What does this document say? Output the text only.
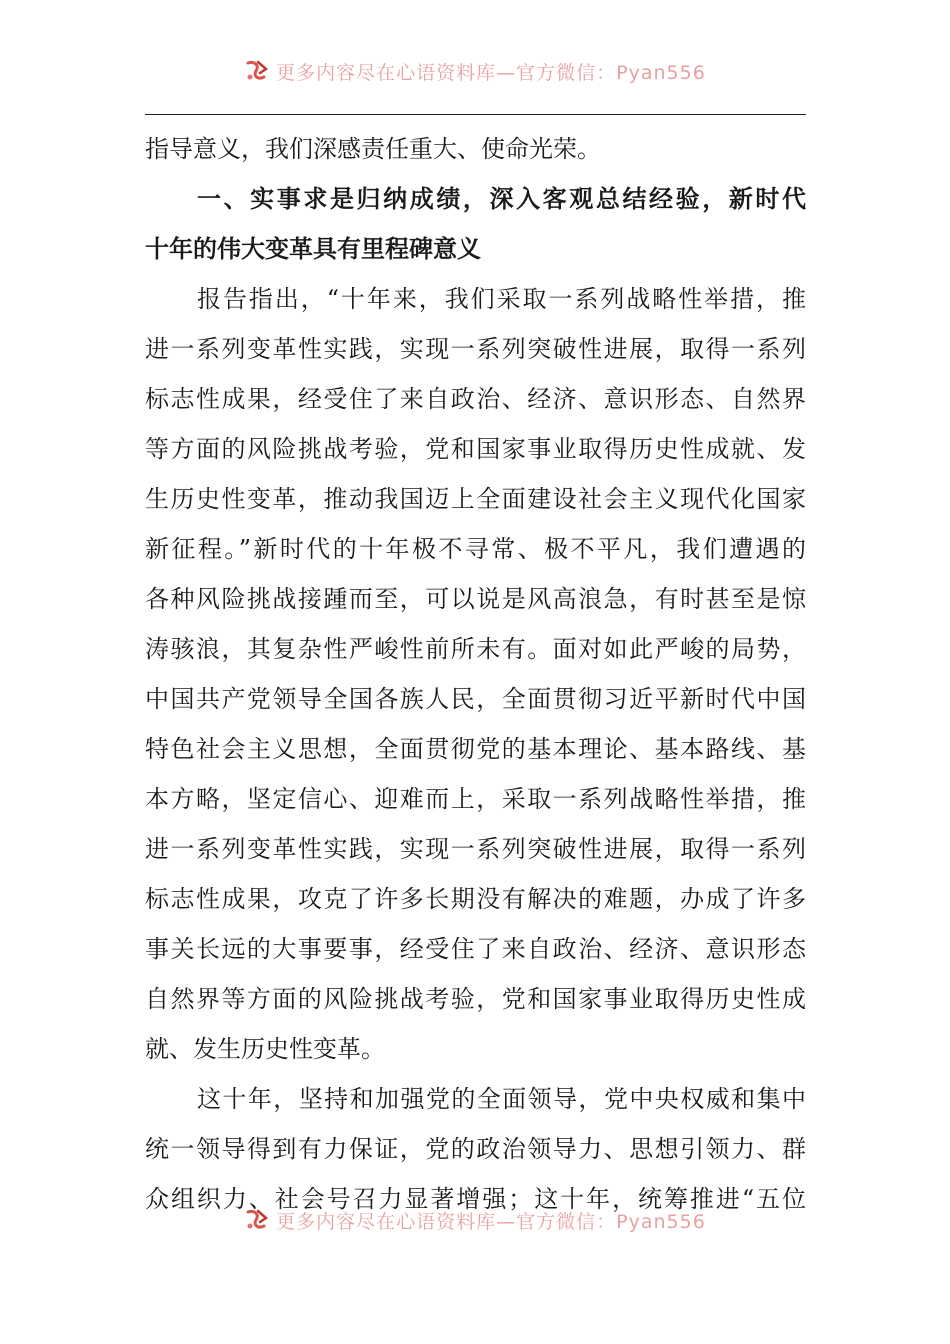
更多内容尽在心语资料库—官方微信：Pyan556
指导意义，我们深感责任重大、使命光荣。
一、实事求是归纳成绩，深入客观总结经验，新时代
十年的伟大变革具有里程碑意义
报告指出，“十年来，我们采取一系列战略性举措，推
进一系列变革性实践，实现一系列突破性进展，取得一系列
标志性成果，经受住了来自政治、经济、意识形态、自然界
等方面的风险挑战考验，党和国家事业取得历史性成就、发
生历史性变革，推动我国迈上全面建设社会主义现代化国家
新征程。”新时代的十年极不寻常、极不平凡，我们遭遇的
各种风险挑战接踵而至，可以说是风高浪急，有时甚至是惊
涛骇浪，其复杂性严峻性前所未有。面对如此严峻的局势，
中国共产党领导全国各族人民，全面贯彻习近平新时代中国
特色社会主义思想，全面贯彻党的基本理论、基本路线、基
本方略，坚定信心、迎难而上，采取一系列战略性举措，推
进一系列变革性实践，实现一系列突破性进展，取得一系列
标志性成果，攻克了许多长期没有解决的难题，办成了许多
事关长远的大事要事，经受住了来自政治、经济、意识形态
自然界等方面的风险挑战考验，党和国家事业取得历史性成
就、发生历史性变革。
这十年，坚持和加强党的全面领导，党中央权威和集中
统一领导得到有力保证，党的政治领导力、思想引领力、群
众组织力、社会号召力显著增强；这十年，统筹推进“五位
更多内容尽在心语资料库—官方微信：Pyan556
